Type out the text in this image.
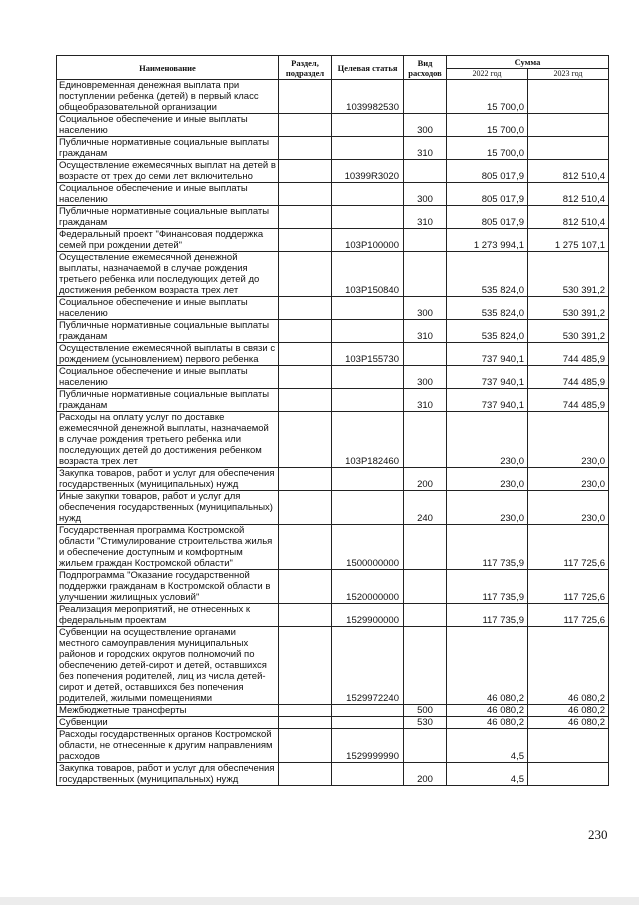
Наименование	Раздел, подраздел	Целевая статья	Вид расходов	Сумма	
				2022 год	2023 год
Единовременная денежная выплата при поступлении ребенка (детей) в первый класс общеобразовательной организации		1039982530		15 700,0	
Социальное обеспечение и иные выплаты населению			300	15 700,0	
Публичные нормативные социальные выплаты гражданам			310	15 700,0	
Осуществление ежемесячных выплат на детей в возрасте от трех до семи лет включительно		10399R3020		805 017,9	812 510,4
Социальное обеспечение и иные выплаты населению			300	805 017,9	812 510,4
Публичные нормативные социальные выплаты гражданам			310	805 017,9	812 510,4
Федеральный проект "Финансовая поддержка семей при рождении детей"		103P100000		1 273 994,1	1 275 107,1
Осуществление ежемесячной денежной выплаты, назначаемой в случае рождения третьего ребенка или последующих детей до достижения ребенком возраста трех лет		103P150840		535 824,0	530 391,2
Социальное обеспечение и иные выплаты населению			300	535 824,0	530 391,2
Публичные нормативные социальные выплаты гражданам			310	535 824,0	530 391,2
Осуществление ежемесячной выплаты в связи с рождением (усыновлением) первого ребенка		103P155730		737 940,1	744 485,9
Социальное обеспечение и иные выплаты населению			300	737 940,1	744 485,9
Публичные нормативные социальные выплаты гражданам			310	737 940,1	744 485,9
Расходы на оплату услуг по доставке ежемесячной денежной выплаты, назначаемой в случае рождения третьего ребенка или последующих детей до достижения ребенком возраста трех лет		103P182460		230,0	230,0
Закупка товаров, работ и услуг для обеспечения государственных (муниципальных) нужд			200	230,0	230,0
Иные закупки товаров, работ и услуг для обеспечения государственных (муниципальных) нужд			240	230,0	230,0
Государственная программа Костромской области "Стимулирование строительства жилья и обеспечение доступным и комфортным жильем граждан Костромской области"		1500000000		117 735,9	117 725,6
Подпрограмма "Оказание государственной поддержки гражданам в Костромской области в улучшении жилищных условий"		1520000000		117 735,9	117 725,6
Реализация мероприятий, не отнесенных к федеральным проектам		1529900000		117 735,9	117 725,6
Субвенции на осуществление органами местного самоуправления муниципальных районов и городских округов полномочий по обеспечению детей-сирот и детей, оставшихся без попечения родителей, лиц из числа детей-сирот и детей, оставшихся без попечения родителей, жилыми помещениями		1529972240		46 080,2	46 080,2
Межбюджетные трансферты			500	46 080,2	46 080,2
Субвенции			530	46 080,2	46 080,2
Расходы государственных органов Костромской области, не отнесенные к другим направлениям расходов		1529999990		4,5	
Закупка товаров, работ и услуг для обеспечения государственных (муниципальных) нужд			200	4,5	
230
